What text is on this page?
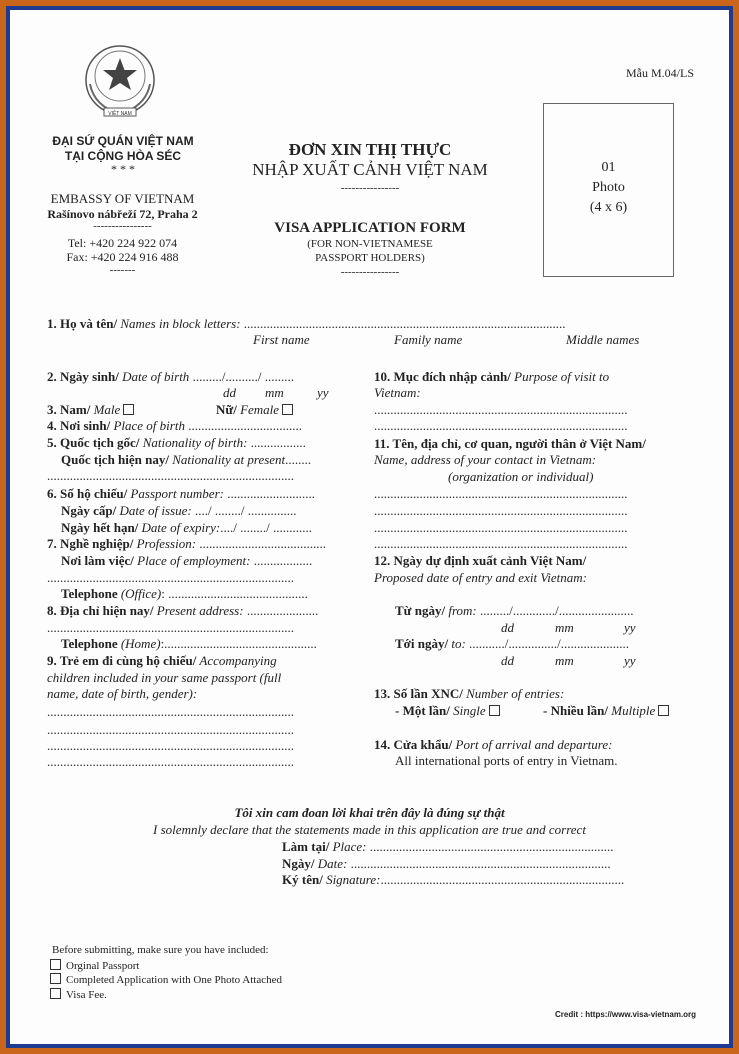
Mẫu M.04/LS
VIỆT NAM
ĐẠI SỨ QUÁN VIỆT NAM
TẠI CỘNG HÒA SÉC
* * *
EMBASSY OF VIETNAM
Rašínovo nábřeží 72, Praha 2
----------------
Tel: +420 224 922 074
Fax: +420 224 916 488
-------
ĐƠN XIN THỊ THỰC
NHẬP XUẤT CẢNH VIỆT NAM
----------------
VISA APPLICATION FORM
(FOR NON-VIETNAMESE
PASSPORT HOLDERS)
----------------
01
Photo
(4 x 6)
1. Họ và tên/ Names in block letters: ...................................................................................................
First name	Family name	Middle names
2. Ngày sinh/ Date of birth ........./........../ .........
dd mm	yy
3. Nam/ Male	Nữ/ Female
4. Nơi sinh/ Place of birth ...................................
5. Quốc tịch gốc/ Nationality of birth: .................
Quốc tịch hiện nay/ Nationality at present........
............................................................................
6. Số hộ chiếu/ Passport number: ...........................
Ngày cấp/ Date of issue: ..../ ......../ ...............
Ngày hết hạn/ Date of expiry:..../ ......../ ............
7. Nghề nghiệp/ Profession: .......................................
Nơi làm việc/ Place of employment: ..................
............................................................................
Telephone (Office): ...........................................
8. Địa chỉ hiện nay/ Present address: ......................
............................................................................
Telephone (Home):...............................................
9. Trẻ em đi cùng hộ chiếu/ Accompanying
children included in your same passport (full
name, date of birth, gender):
............................................................................
............................................................................
............................................................................
............................................................................
10. Mục đích nhập cảnh/ Purpose of visit to
Vietnam:
..............................................................................
..............................................................................
11. Tên, địa chỉ, cơ quan, người thân ở Việt Nam/
Name, address of your contact in Vietnam:
(organization or individual)
..............................................................................
..............................................................................
..............................................................................
..............................................................................
12. Ngày dự định xuất cảnh Việt Nam/
Proposed date of entry and exit Vietnam:
Từ ngày/ from: ........./............./.......................
dd	mm	yy
Tới ngày/ to: .........../.............../.....................
dd	mm	yy
13. Số lần XNC/ Number of entries:
- Một lần/ Single	- Nhiều lần/ Multiple
14. Cửa khẩu/ Port of arrival and departure:
All international ports of entry in Vietnam.
Tôi xin cam đoan lời khai trên đây là đúng sự thật
I solemnly declare that the statements made in this application are true and correct
Làm tại/ Place: ...........................................................................
Ngày/ Date: ................................................................................
Ký tên/ Signature:...........................................................................
Before submitting, make sure you have included:
Orginal Passport
Completed Application with One Photo Attached
Visa Fee.
Credit : https://www.visa-vietnam.org
